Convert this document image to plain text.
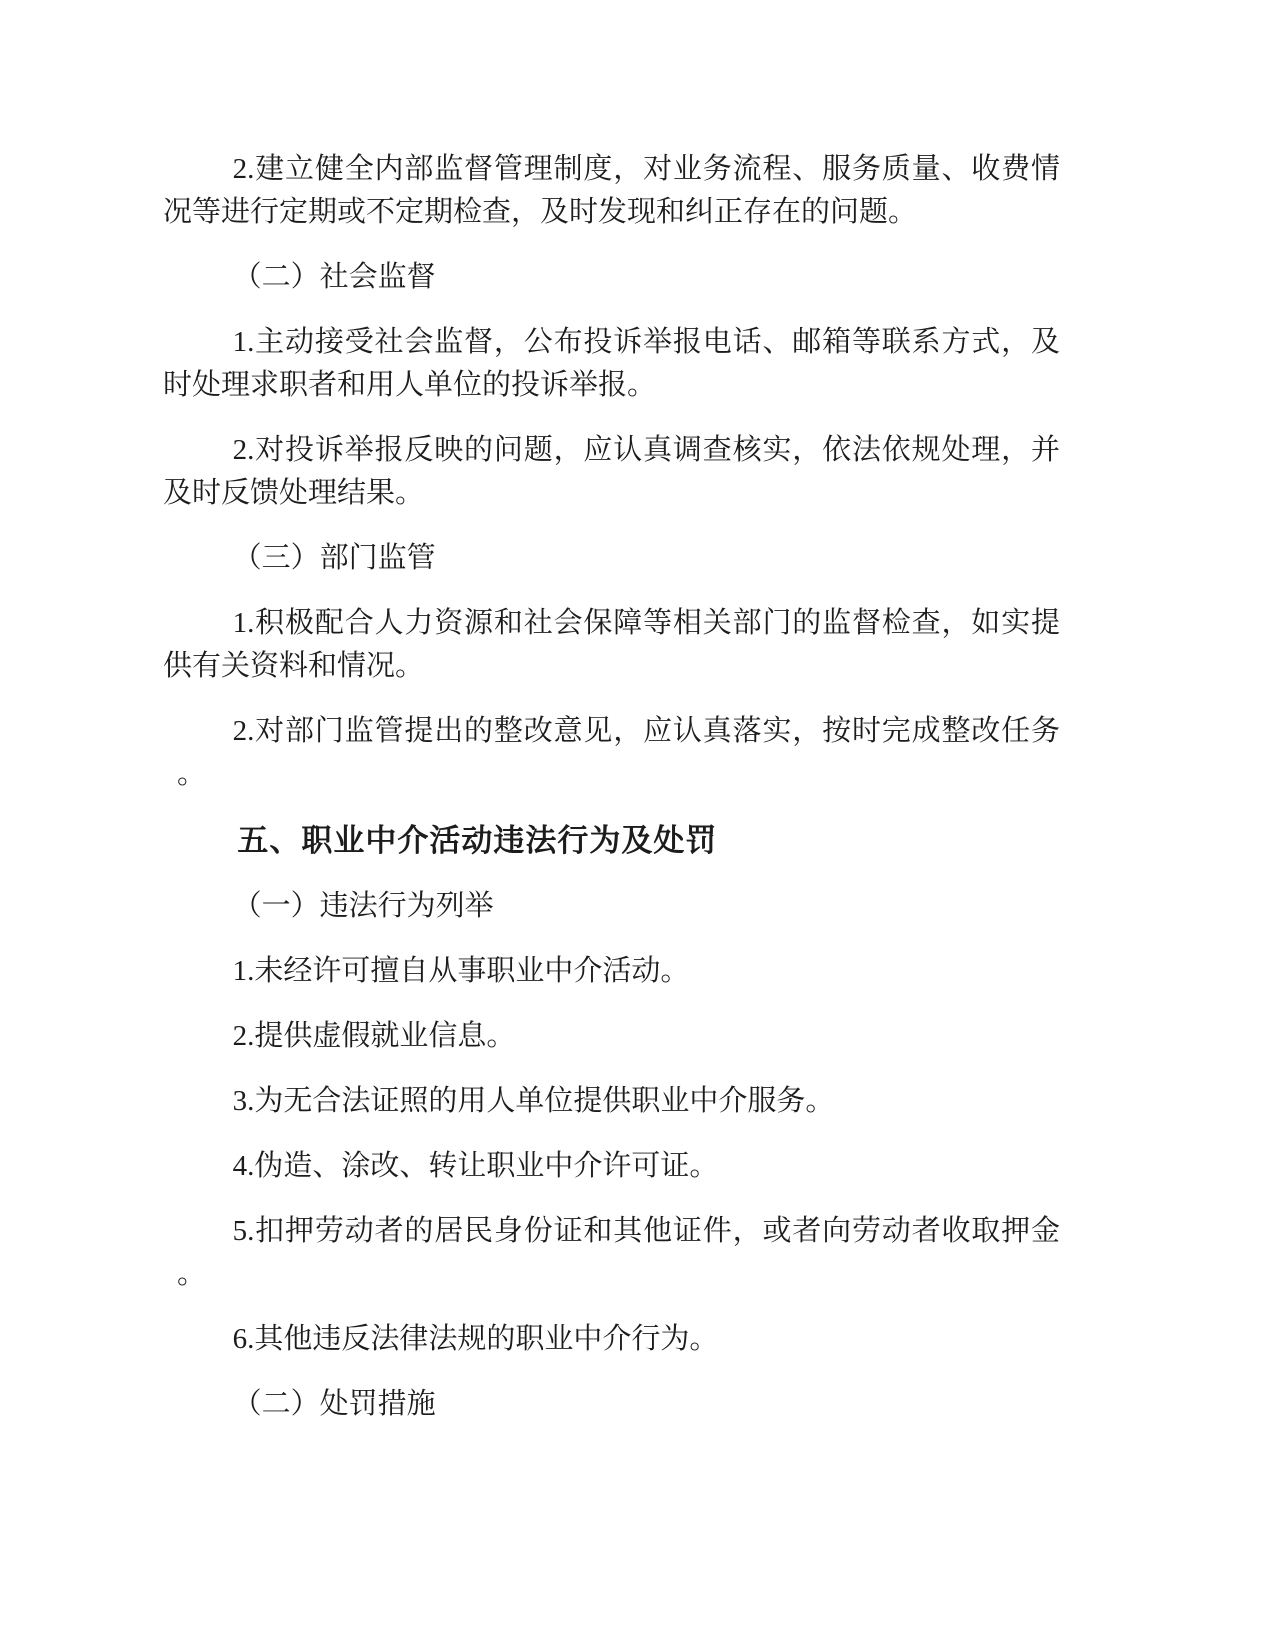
2.建立健全内部监督管理制度，对业务流程、服务质量、收费情
况等进行定期或不定期检查，及时发现和纠正存在的问题。
（二）社会监督
1.主动接受社会监督，公布投诉举报电话、邮箱等联系方式，及
时处理求职者和用人单位的投诉举报。
2.对投诉举报反映的问题，应认真调查核实，依法依规处理，并
及时反馈处理结果。
（三）部门监管
1.积极配合人力资源和社会保障等相关部门的监督检查，如实提
供有关资料和情况。
2.对部门监管提出的整改意见，应认真落实，按时完成整改任务
。
五、职业中介活动违法行为及处罚
（一）违法行为列举
1.未经许可擅自从事职业中介活动。
2.提供虚假就业信息。
3.为无合法证照的用人单位提供职业中介服务。
4.伪造、涂改、转让职业中介许可证。
5.扣押劳动者的居民身份证和其他证件，或者向劳动者收取押金
。
6.其他违反法律法规的职业中介行为。
（二）处罚措施
